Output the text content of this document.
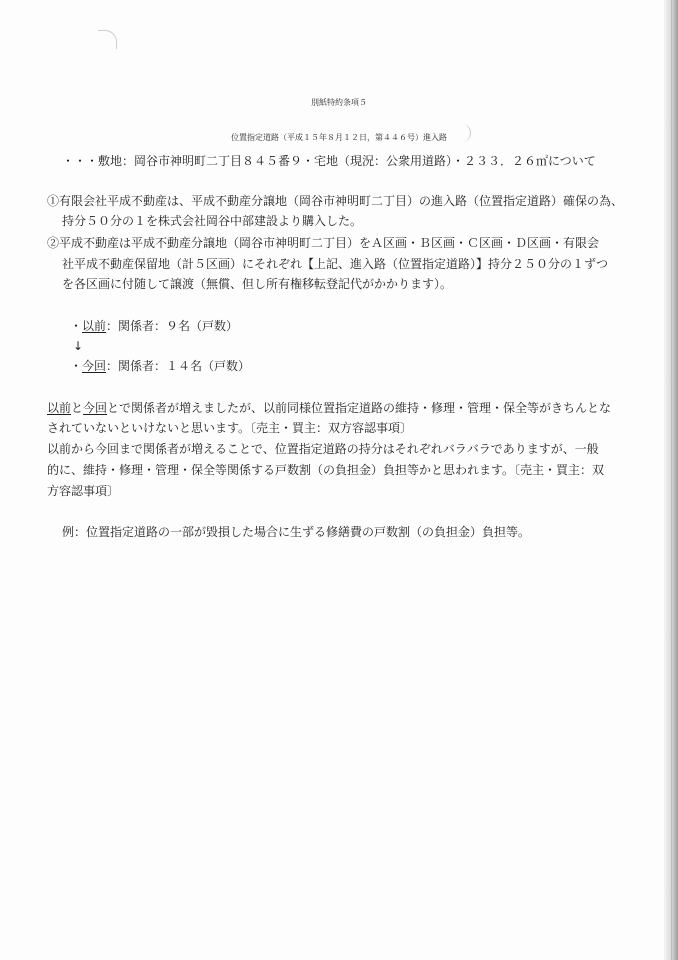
別紙特約条項５
位置指定道路（平成１５年８月１２日，第４４６号）進入路
・・・敷地：岡谷市神明町二丁目８４５番９・宅地（現況：公衆用道路）・２３３．２６㎡について
①有限会社平成不動産は、平成不動産分譲地（岡谷市神明町二丁目）の進入路（位置指定道路）確保の為、
持分５０分の１を株式会社岡谷中部建設より購入した。
②平成不動産は平成不動産分譲地（岡谷市神明町二丁目）をＡ区画・Ｂ区画・Ｃ区画・Ｄ区画・有限会
社平成不動産保留地（計５区画）にそれぞれ【上記、進入路（位置指定道路）】持分２５０分の１ずつ
を各区画に付随して譲渡（無償、但し所有権移転登記代がかかります）。
・以前：関係者：９名（戸数）
↓
・今回：関係者：１４名（戸数）
以前と今回とで関係者が増えましたが、以前同様位置指定道路の維持・修理・管理・保全等がきちんとな
されていないといけないと思います。〔売主・買主：双方容認事項〕
以前から今回まで関係者が増えることで、位置指定道路の持分はそれぞれバラバラでありますが、一般
的に、維持・修理・管理・保全等関係する戸数割（の負担金）負担等かと思われます。〔売主・買主：双
方容認事項〕
例：位置指定道路の一部が毀損した場合に生ずる修繕費の戸数割（の負担金）負担等。
